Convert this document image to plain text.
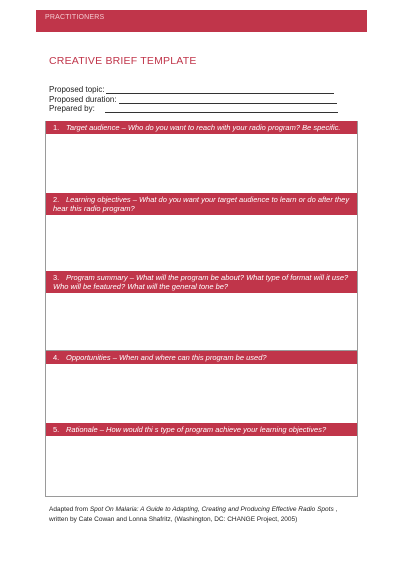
PRACTITIONERS
CREATIVE BRIEF TEMPLATE
Proposed topic:
Proposed duration:
Prepared by:
1. Target audience – Who do you want to reach with your radio program? Be specific.
2. Learning objectives – What do you want your target audience to learn or do after they hear this radio program?
3. Program summary – What will the program be about? What type of format will it use? Who will be featured? What will the general tone be?
4. Opportunities – When and where can this program be used?
5. Rationale – How would thi s type of program achieve your learning objectives?
Adapted from Spot On Malaria: A Guide to Adapting, Creating and Producing Effective Radio Spots ,
written by Cate Cowan and Lonna Shafritz, (Washington, DC: CHANGE Project, 2005)
